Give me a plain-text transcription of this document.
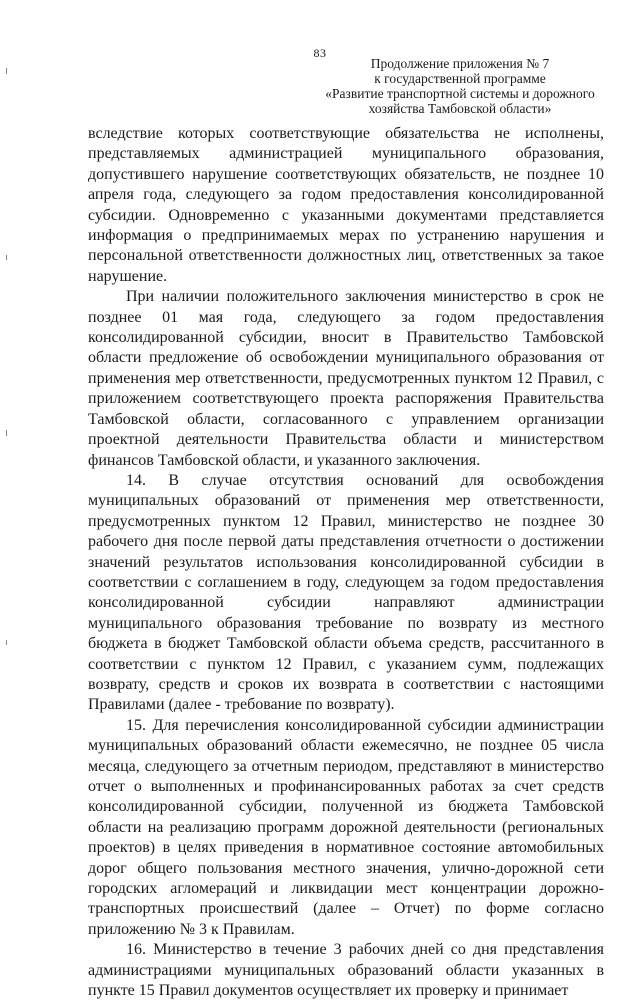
83
Продолжение приложения № 7
к государственной программе
«Развитие транспортной системы и дорожного
хозяйства Тамбовской области»

вследствие которых соответствующие обязательства не исполнены, представляемых администрацией муниципального образования, допустившего нарушение соответствующих обязательств, не позднее 10 апреля года, следующего за годом предоставления консолидированной субсидии. Одновременно с указанными документами представляется информация о предпринимаемых мерах по устранению нарушения и персональной ответственности должностных лиц, ответственных за такое нарушение.

При наличии положительного заключения министерство в срок не позднее 01 мая года, следующего за годом предоставления консолидированной субсидии, вносит в Правительство Тамбовской области предложение об освобождении муниципального образования от применения мер ответственности, предусмотренных пунктом 12 Правил, с приложением соответствующего проекта распоряжения Правительства Тамбовской области, согласованного с управлением организации проектной деятельности Правительства области и министерством финансов Тамбовской области, и указанного заключения.

14. В случае отсутствия оснований для освобождения муниципальных образований от применения мер ответственности, предусмотренных пунктом 12 Правил, министерство не позднее 30 рабочего дня после первой даты представления отчетности о достижении значений результатов использования консолидированной субсидии в соответствии с соглашением в году, следующем за годом предоставления консолидированной субсидии направляют администрации муниципального образования требование по возврату из местного бюджета в бюджет Тамбовской области объема средств, рассчитанного в соответствии с пунктом 12 Правил, с указанием сумм, подлежащих возврату, средств и сроков их возврата в соответствии с настоящими Правилами (далее - требование по возврату).

15. Для перечисления консолидированной субсидии администрации муниципальных образований области ежемесячно, не позднее 05 числа месяца, следующего за отчетным периодом, представляют в министерство отчет о выполненных и профинансированных работах за счет средств консолидированной субсидии, полученной из бюджета Тамбовской области на реализацию программ дорожной деятельности (региональных проектов) в целях приведения в нормативное состояние автомобильных дорог общего пользования местного значения, улично-дорожной сети городских агломераций и ликвидации мест концентрации дорожно-транспортных происшествий (далее – Отчет) по форме согласно приложению № 3 к Правилам.

16. Министерство в течение 3 рабочих дней со дня представления администрациями муниципальных образований области указанных в пункте 15 Правил документов осуществляет их проверку и принимает
